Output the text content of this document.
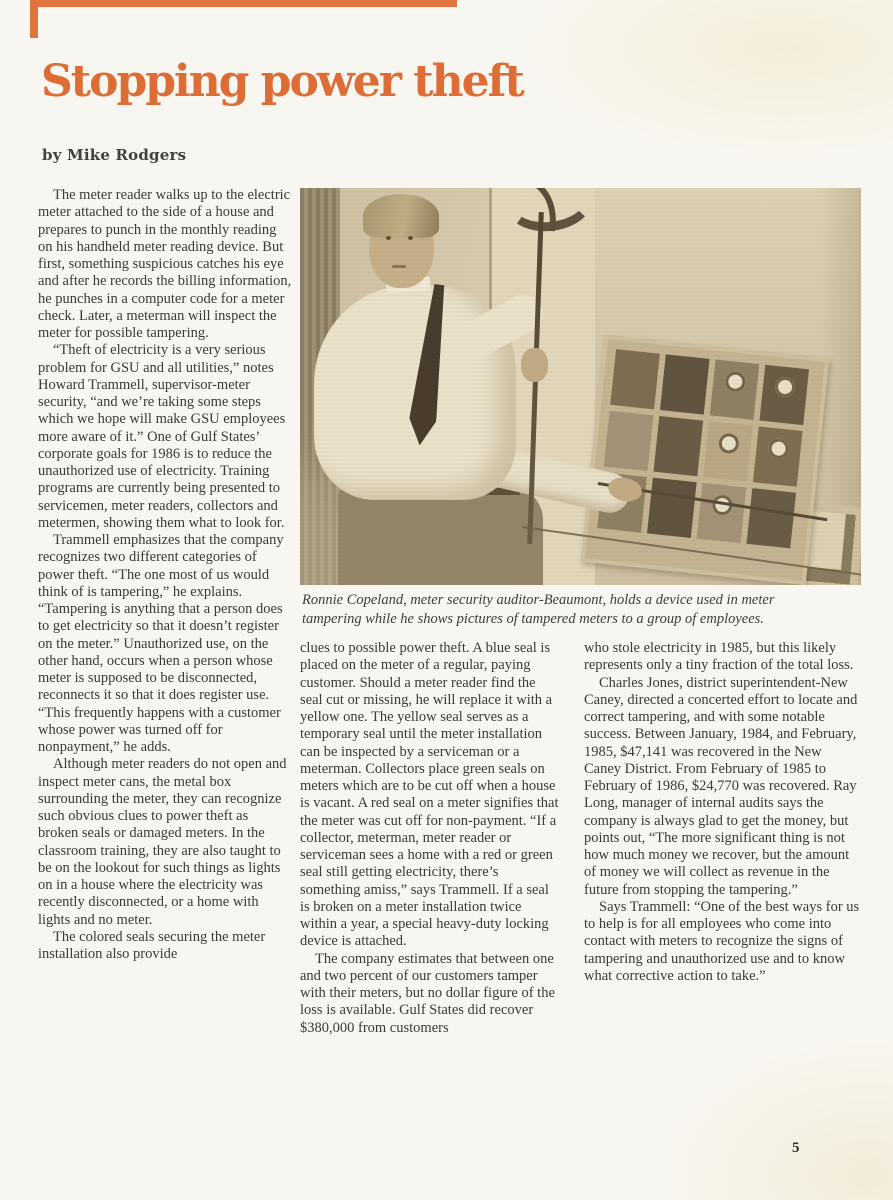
Stopping power theft
by Mike Rodgers

The meter reader walks up to the electric meter attached to the side of a house and prepares to punch in the monthly reading on his handheld meter reading device. But first, something suspicious catches his eye and after he records the billing information, he punches in a computer code for a meter check. Later, a meterman will inspect the meter for possible tampering.

“Theft of electricity is a very serious problem for GSU and all utilities,” notes Howard Trammell, supervisor-meter security, “and we’re taking some steps which we hope will make GSU employees more aware of it.” One of Gulf States’ corporate goals for 1986 is to reduce the unauthorized use of electricity. Training programs are currently being presented to servicemen, meter readers, collectors and metermen, showing them what to look for.

Trammell emphasizes that the company recognizes two different categories of power theft. “The one most of us would think of is tampering,” he explains. “Tampering is anything that a person does to get electricity so that it doesn’t register on the meter.” Unauthorized use, on the other hand, occurs when a person whose meter is supposed to be disconnected, reconnects it so that it does register use. “This frequently happens with a customer whose power was turned off for nonpayment,” he adds.

Although meter readers do not open and inspect meter cans, the metal box surrounding the meter, they can recognize such obvious clues to power theft as broken seals or damaged meters. In the classroom training, they are also taught to be on the lookout for such things as lights on in a house where the electricity was recently disconnected, or a home with lights and no meter.

The colored seals securing the meter installation also provide

Ronnie Copeland, meter security auditor-Beaumont, holds a device used in meter
tampering while he shows pictures of tampered meters to a group of employees.

clues to possible power theft. A blue seal is placed on the meter of a regular, paying customer. Should a meter reader find the seal cut or missing, he will replace it with a yellow one. The yellow seal serves as a temporary seal until the meter installation can be inspected by a serviceman or a meterman. Collectors place green seals on meters which are to be cut off when a house is vacant. A red seal on a meter signifies that the meter was cut off for non-payment. “If a collector, meterman, meter reader or serviceman sees a home with a red or green seal still getting electricity, there’s something amiss,” says Trammell. If a seal is broken on a meter installation twice within a year, a special heavy-duty locking device is attached.

The company estimates that between one and two percent of our customers tamper with their meters, but no dollar figure of the loss is available. Gulf States did recover $380,000 from customers

who stole electricity in 1985, but this likely represents only a tiny fraction of the total loss.

Charles Jones, district superintendent-New Caney, directed a concerted effort to locate and correct tampering, and with some notable success. Between January, 1984, and February, 1985, $47,141 was recovered in the New Caney District. From February of 1985 to February of 1986, $24,770 was recovered. Ray Long, manager of internal audits says the company is always glad to get the money, but points out, “The more significant thing is not how much money we recover, but the amount of money we will collect as revenue in the future from stopping the tampering.”

Says Trammell: “One of the best ways for us to help is for all employees who come into contact with meters to recognize the signs of tampering and unauthorized use and to know what corrective action to take.”

5
